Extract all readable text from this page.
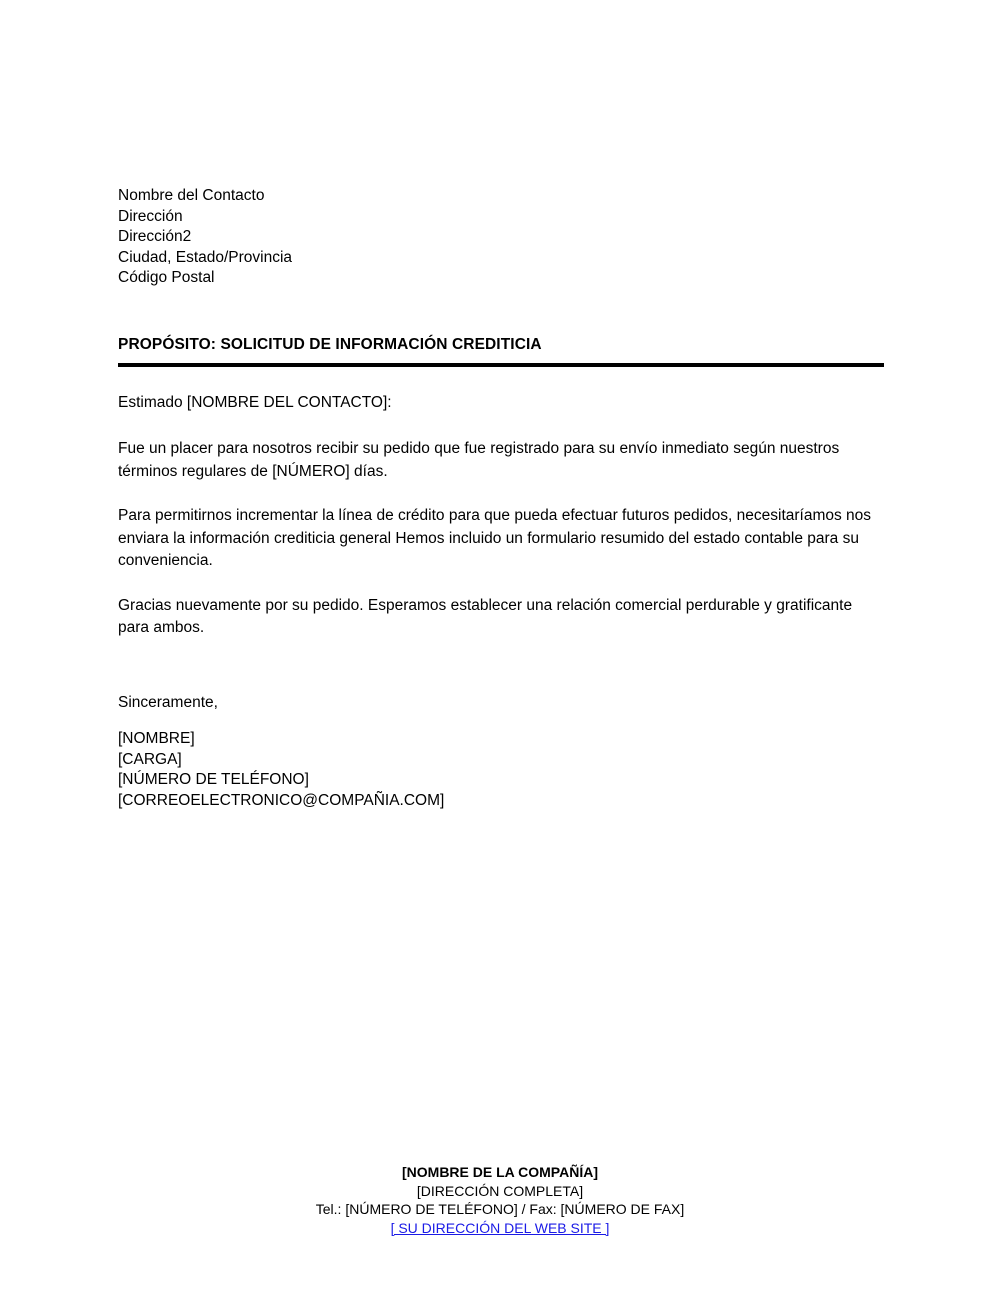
Nombre del Contacto
Dirección
Dirección2
Ciudad, Estado/Provincia
Código Postal
PROPÓSITO: SOLICITUD DE INFORMACIÓN CREDITICIA

Estimado [NOMBRE DEL CONTACTO]:

Fue un placer para nosotros recibir su pedido que fue registrado para su envío inmediato según nuestros términos regulares de [NÚMERO] días.

Para permitirnos incrementar la línea de crédito para que pueda efectuar futuros pedidos, necesitaríamos nos enviara la información crediticia general Hemos incluido un formulario resumido del estado contable para su conveniencia.

Gracias nuevamente por su pedido. Esperamos establecer una relación comercial perdurable y gratificante para ambos.

Sinceramente,

[NOMBRE]
[CARGA]
[NÚMERO DE TELÉFONO]
[CORREOELECTRONICO@COMPAÑIA.COM]
[NOMBRE DE LA COMPAÑÍA]
[DIRECCIÓN COMPLETA]
Tel.: [NÚMERO DE TELÉFONO] / Fax: [NÚMERO DE FAX]
[ SU DIRECCIÓN DEL WEB SITE ]
